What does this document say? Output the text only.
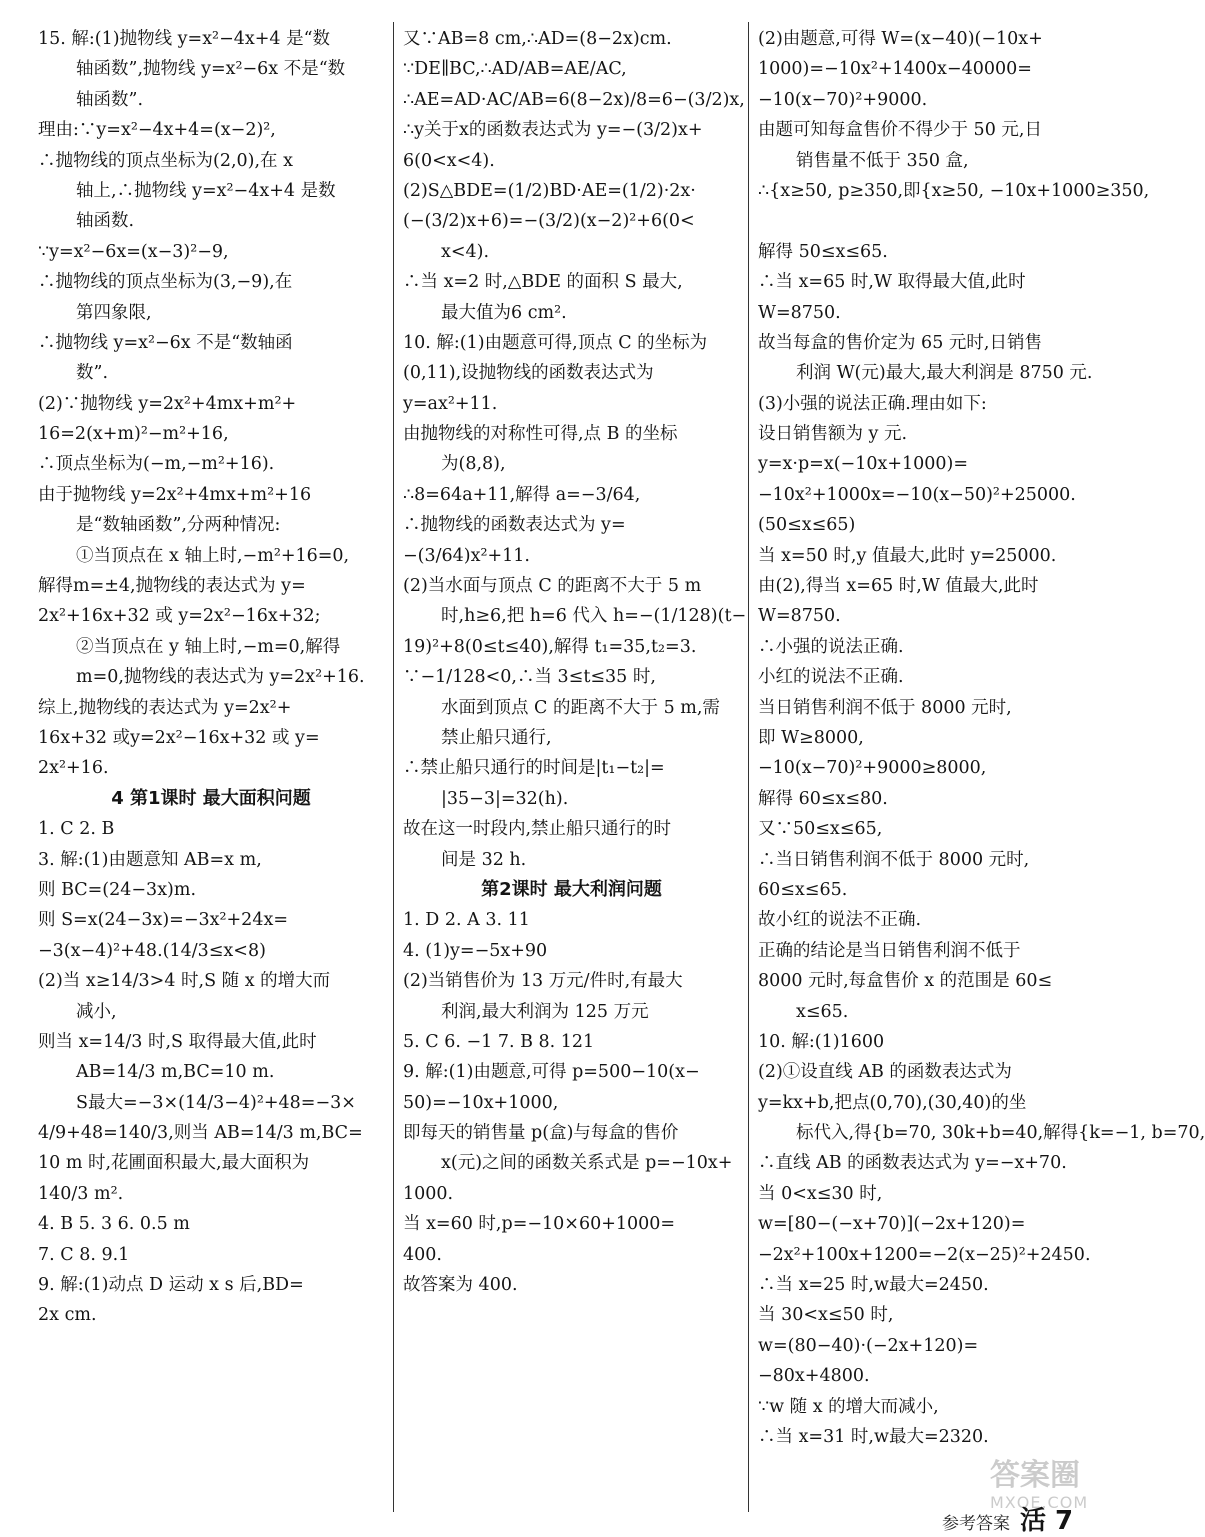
15. 解:(1)抛物线 y=x²−4x+4 是“数
轴函数”,抛物线 y=x²−6x 不是“数
轴函数”.
理由:∵y=x²−4x+4=(x−2)²,
∴抛物线的顶点坐标为(2,0),在 x
轴上,∴抛物线 y=x²−4x+4 是数
轴函数.
∵y=x²−6x=(x−3)²−9,
∴抛物线的顶点坐标为(3,−9),在
第四象限,
∴抛物线 y=x²−6x 不是“数轴函
数”.
(2)∵抛物线 y=2x²+4mx+m²+
16=2(x+m)²−m²+16,
∴顶点坐标为(−m,−m²+16).
由于抛物线 y=2x²+4mx+m²+16
是“数轴函数”,分两种情况:
①当顶点在 x 轴上时,−m²+16=0,
解得m=±4,抛物线的表达式为 y=
2x²+16x+32 或 y=2x²−16x+32;
②当顶点在 y 轴上时,−m=0,解得
m=0,抛物线的表达式为 y=2x²+16.
综上,抛物线的表达式为 y=2x²+
16x+32 或y=2x²−16x+32 或 y=
2x²+16.
4 第1课时 最大面积问题
1. C 2. B
3. 解:(1)由题意知 AB=x m,
则 BC=(24−3x)m.
则 S=x(24−3x)=−3x²+24x=
−3(x−4)²+48.(14/3≤x<8)
(2)当 x≥14/3>4 时,S 随 x 的增大而
减小,
则当 x=14/3 时,S 取得最大值,此时
AB=14/3 m,BC=10 m.
S最大=−3×(14/3−4)²+48=−3×
4/9+48=140/3,则当 AB=14/3 m,BC=
10 m 时,花圃面积最大,最大面积为
140/3 m².
4. B 5. 3 6. 0.5 m
7. C 8. 9.1
9. 解:(1)动点 D 运动 x s 后,BD=
2x cm.
又∵AB=8 cm,∴AD=(8−2x)cm.
∵DE∥BC,∴AD/AB=AE/AC,
∴AE=AD·AC/AB=6(8−2x)/8=6−(3/2)x,
∴y关于x的函数表达式为 y=−(3/2)x+
6(0<x<4).
(2)S△BDE=(1/2)BD·AE=(1/2)·2x·
(−(3/2)x+6)=−(3/2)(x−2)²+6(0<
x<4).
∴当 x=2 时,△BDE 的面积 S 最大,
最大值为6 cm².
10. 解:(1)由题意可得,顶点 C 的坐标为
(0,11),设抛物线的函数表达式为
y=ax²+11.
由抛物线的对称性可得,点 B 的坐标
为(8,8),
∴8=64a+11,解得 a=−3/64,
∴抛物线的函数表达式为 y=
−(3/64)x²+11.
(2)当水面与顶点 C 的距离不大于 5 m
时,h≥6,把 h=6 代入 h=−(1/128)(t−
19)²+8(0≤t≤40),解得 t₁=35,t₂=3.
∵−1/128<0,∴当 3≤t≤35 时,
水面到顶点 C 的距离不大于 5 m,需
禁止船只通行,
∴禁止船只通行的时间是|t₁−t₂|=
|35−3|=32(h).
故在这一时段内,禁止船只通行的时
间是 32 h.
第2课时 最大利润问题
1. D 2. A 3. 11
4. (1)y=−5x+90
(2)当销售价为 13 万元/件时,有最大
利润,最大利润为 125 万元
5. C 6. −1 7. B 8. 121
9. 解:(1)由题意,可得 p=500−10(x−
50)=−10x+1000,
即每天的销售量 p(盒)与每盒的售价
x(元)之间的函数关系式是 p=−10x+
1000.
当 x=60 时,p=−10×60+1000=
400.
故答案为 400.
(2)由题意,可得 W=(x−40)(−10x+
1000)=−10x²+1400x−40000=
−10(x−70)²+9000.
由题可知每盒售价不得少于 50 元,日
销售量不低于 350 盒,
∴{x≥50, p≥350,即{x≥50, −10x+1000≥350,
解得 50≤x≤65.
∴当 x=65 时,W 取得最大值,此时
W=8750.
故当每盒的售价定为 65 元时,日销售
利润 W(元)最大,最大利润是 8750 元.
(3)小强的说法正确.理由如下:
设日销售额为 y 元.
y=x·p=x(−10x+1000)=
−10x²+1000x=−10(x−50)²+25000.
(50≤x≤65)
当 x=50 时,y 值最大,此时 y=25000.
由(2),得当 x=65 时,W 值最大,此时
W=8750.
∴小强的说法正确.
小红的说法不正确.
当日销售利润不低于 8000 元时,
即 W≥8000,
−10(x−70)²+9000≥8000,
解得 60≤x≤80.
又∵50≤x≤65,
∴当日销售利润不低于 8000 元时,
60≤x≤65.
故小红的说法不正确.
正确的结论是当日销售利润不低于
8000 元时,每盒售价 x 的范围是 60≤
x≤65.
10. 解:(1)1600
(2)①设直线 AB 的函数表达式为
y=kx+b,把点(0,70),(30,40)的坐
标代入,得{b=70, 30k+b=40,解得{k=−1, b=70,
∴直线 AB 的函数表达式为 y=−x+70.
当 0<x≤30 时,
w=[80−(−x+70)](−2x+120)=
−2x²+100x+1200=−2(x−25)²+2450.
∴当 x=25 时,w最大=2450.
当 30<x≤50 时,
w=(80−40)·(−2x+120)=
−80x+4800.
∵w 随 x 的增大而减小,
∴当 x=31 时,w最大=2320.
答案圈
MXQE.COM
参考答案 活 7
